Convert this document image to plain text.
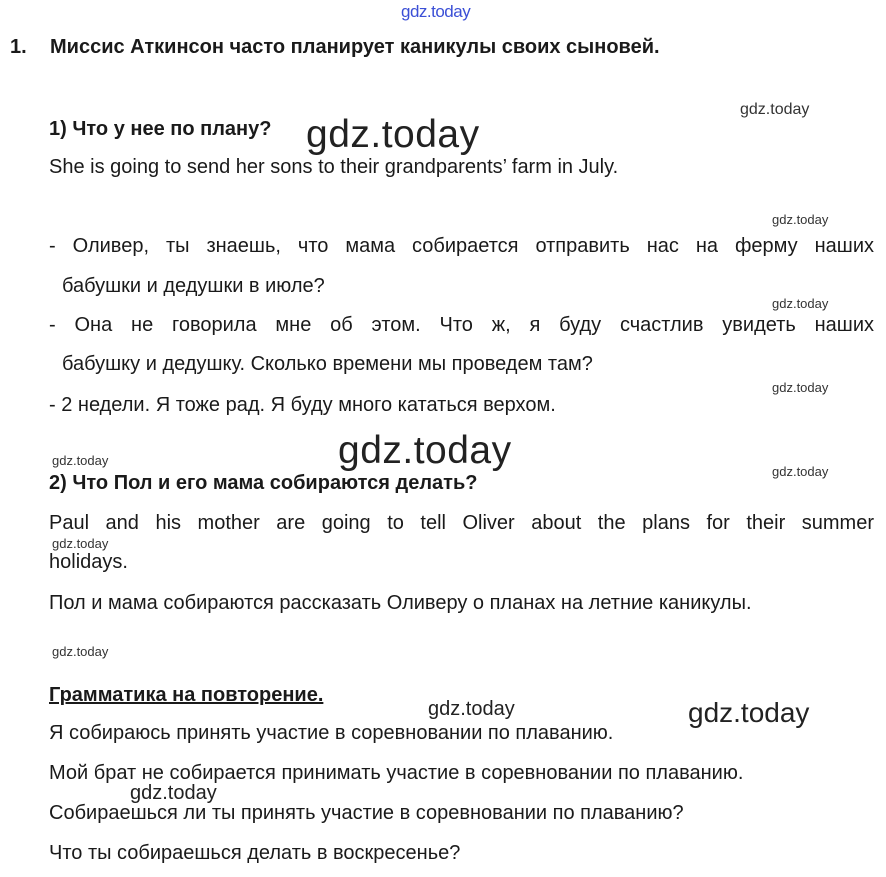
gdz.today
gdz.today
gdz.today
gdz.today
gdz.today
gdz.today
gdz.today
gdz.today
gdz.today
gdz.today
gdz.today
gdz.today	gdz.today
gdz.today
1. Миссис Аткинсон часто планирует каникулы своих сыновей.
1) Что у нее по плану?
She is going to send her sons to their grandparents’ farm in July.
- Оливер, ты знаешь, что мама собирается отправить нас на ферму наших
бабушки и дедушки в июле?
- Она не говорила мне об этом. Что ж, я буду счастлив увидеть наших
бабушку и дедушку. Сколько времени мы проведем там?
- 2 недели. Я тоже рад. Я буду много кататься верхом.
2) Что Пол и его мама собираются делать?
Paul and his mother are going to tell Oliver about the plans for their summer
holidays.
Пол и мама собираются рассказать Оливеру о планах на летние каникулы.
Грамматика на повторение.
Я собираюсь принять участие в соревновании по плаванию.
Мой брат не собирается принимать участие в соревновании по плаванию.
Собираешься ли ты принять участие в соревновании по плаванию?
Что ты собираешься делать в воскресенье?
